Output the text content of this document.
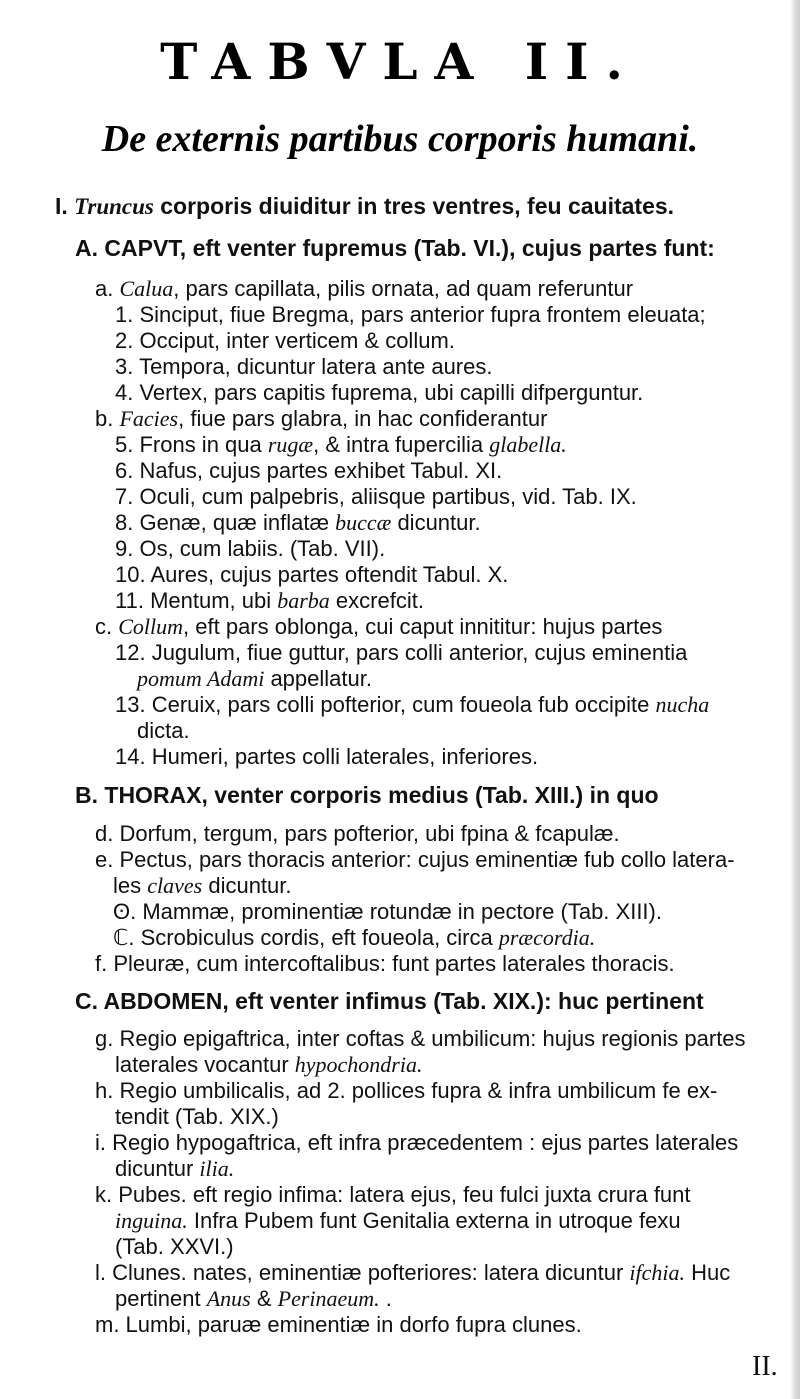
TABVLA II.
De externis partibus corporis humani.
I. Truncus corporis diuiditur in tres ventres, feu cauitates.
A. CAPVT, eft venter fupremus (Tab. VI.), cujus partes funt:
a. Calua, pars capillata, pilis ornata, ad quam referuntur
1. Sinciput, fiue Bregma, pars anterior fupra frontem eleuata;
2. Occiput, inter verticem & collum.
3. Tempora, dicuntur latera ante aures.
4. Vertex, pars capitis fuprema, ubi capilli difperguntur.
b. Facies, fiue pars glabra, in hac confiderantur
5. Frons in qua rugæ, & intra fupercilia glabella.
6. Nafus, cujus partes exhibet Tabul. XI.
7. Oculi, cum palpebris, aliisque partibus, vid. Tab. IX.
8. Genæ, quæ inflatæ buccæ dicuntur.
9. Os, cum labiis. (Tab. VII).
10. Aures, cujus partes oftendit Tabul. X.
11. Mentum, ubi barba excrefcit.
c. Collum, eft pars oblonga, cui caput innititur: hujus partes
12. Jugulum, fiue guttur, pars colli anterior, cujus eminentia
pomum Adami appellatur.
13. Ceruix, pars colli pofterior, cum foueola fub occipite nucha
dicta.
14. Humeri, partes colli laterales, inferiores.
B. THORAX, venter corporis medius (Tab. XIII.) in quo
d. Dorfum, tergum, pars pofterior, ubi fpina & fcapulæ.
e. Pectus, pars thoracis anterior: cujus eminentiæ fub collo latera-
les claves dicuntur.
ʘ. Mammæ, prominentiæ rotundæ in pectore (Tab. XIII).
ℂ. Scrobiculus cordis, eft foueola, circa præcordia.
f. Pleuræ, cum intercoftalibus: funt partes laterales thoracis.
C. ABDOMEN, eft venter infimus (Tab. XIX.): huc pertinent
g. Regio epigaftrica, inter coftas & umbilicum: hujus regionis partes
laterales vocantur hypochondria.
h. Regio umbilicalis, ad 2. pollices fupra & infra umbilicum fe ex-
tendit (Tab. XIX.)
i. Regio hypogaftrica, eft infra præcedentem : ejus partes laterales
dicuntur ilia.
k. Pubes. eft regio infima: latera ejus, feu fulci juxta crura funt
inguina. Infra Pubem funt Genitalia externa in utroque fexu
(Tab. XXVI.)
l. Clunes. nates, eminentiæ pofteriores: latera dicuntur ifchia. Huc
pertinent Anus & Perinaeum. .
m. Lumbi, paruæ eminentiæ in dorfo fupra clunes.
II.
